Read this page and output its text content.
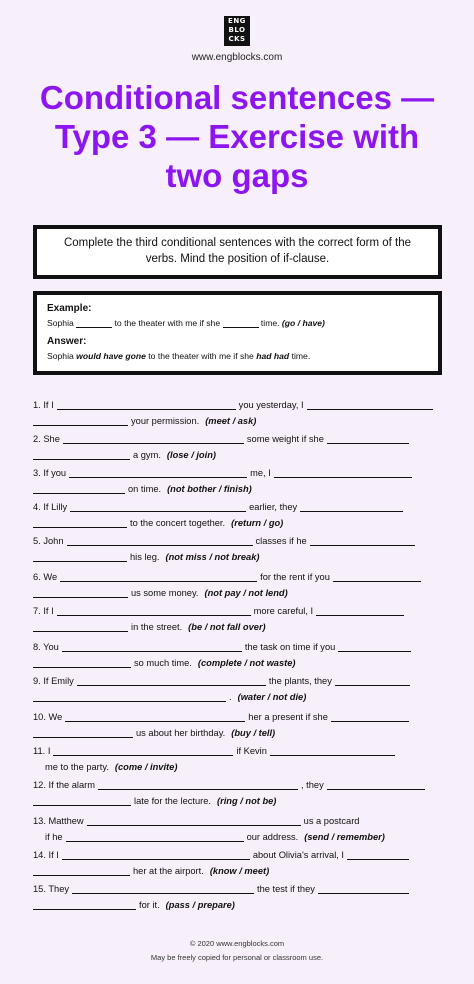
ENG
BLO
CKS
www.engblocks.com
Conditional sentences —
Type 3 — Exercise with
two gaps
Complete the third conditional sentences with the correct form of the verbs. Mind the position of if-clause.
Example:
Sophia	to the theater with me if she	time. (go / have)
Answer:
Sophia would have gone to the theater with me if she had had time.
1. If I	you yesterday, I
your permission. (meet / ask)
2. She	some weight if she
a gym. (lose / join)
3. If you	me, I
on time. (not bother / finish)
4. If Lilly	earlier, they
to the concert together. (return / go)
5. John	classes if he
his leg. (not miss / not break)
6. We	for the rent if you
us some money. (not pay / not lend)
7. If I	more careful, I
in the street. (be / not fall over)
8. You	the task on time if you
so much time. (complete / not waste)
9. If Emily	the plants, they
. (water / not die)
10. We	her a present if she
us about her birthday. (buy / tell)
11. I	if Kevin
me to the party. (come / invite)
12. If the alarm	, they
late for the lecture. (ring / not be)
13. Matthew	us a postcard
if he	our address. (send / remember)
14. If I	about Olivia's arrival, I
her at the airport. (know / meet)
15. They	the test if they
for it. (pass / prepare)
© 2020 www.engblocks.com
May be freely copied for personal or classroom use.
